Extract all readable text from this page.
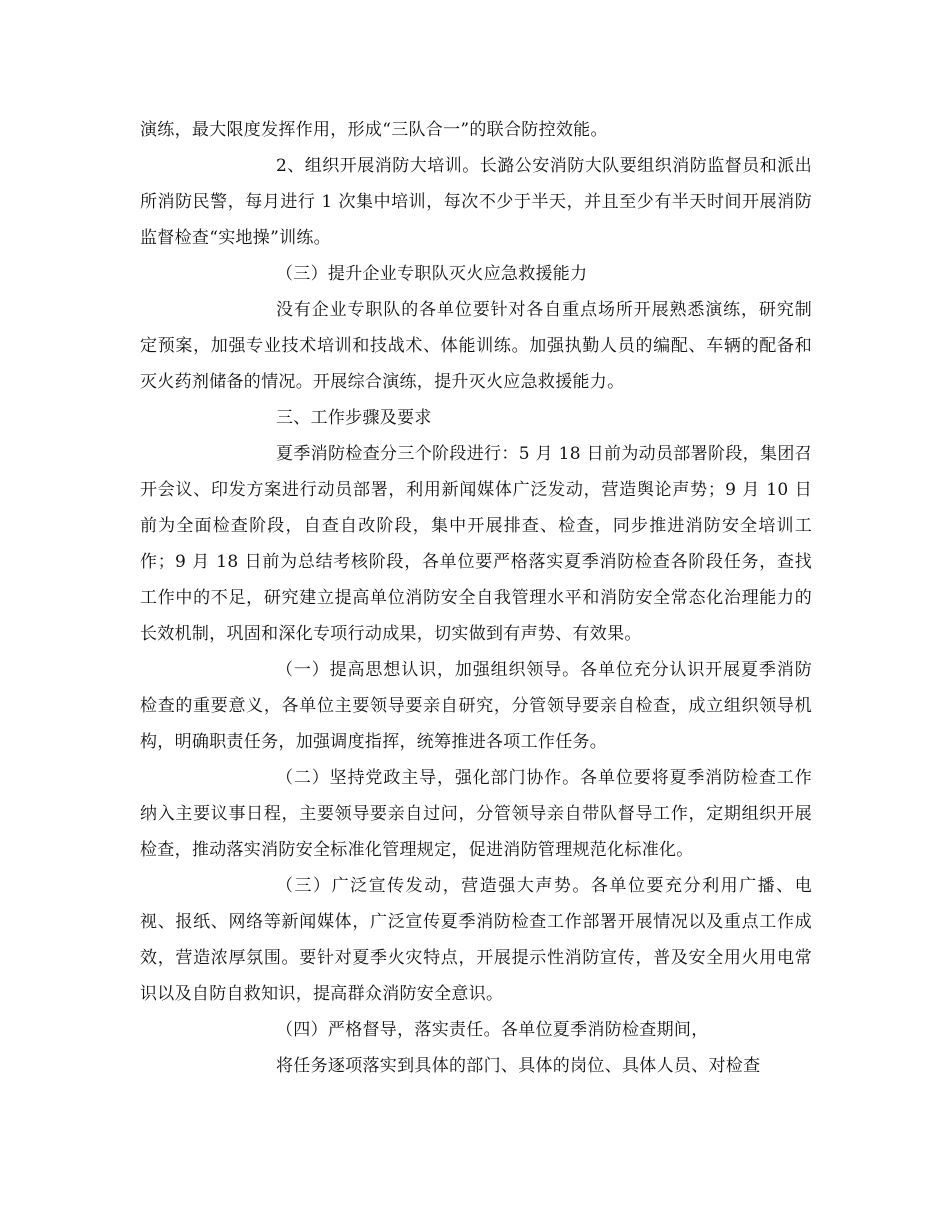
演练，最大限度发挥作用，形成“三队合一”的联合防控效能。

2、组织开展消防大培训。长潞公安消防大队要组织消防监督员和派出所消防民警，每月进行 1 次集中培训，每次不少于半天，并且至少有半天时间开展消防监督检查“实地操”训练。

（三）提升企业专职队灭火应急救援能力

没有企业专职队的各单位要针对各自重点场所开展熟悉演练，研究制定预案，加强专业技术培训和技战术、体能训练。加强执勤人员的编配、车辆的配备和灭火药剂储备的情况。开展综合演练，提升灭火应急救援能力。

三、工作步骤及要求

夏季消防检查分三个阶段进行：5 月 18 日前为动员部署阶段，集团召开会议、印发方案进行动员部署，利用新闻媒体广泛发动，营造舆论声势；9 月 10 日前为全面检查阶段，自查自改阶段，集中开展排查、检查，同步推进消防安全培训工作；9 月 18 日前为总结考核阶段，各单位要严格落实夏季消防检查各阶段任务，查找工作中的不足，研究建立提高单位消防安全自我管理水平和消防安全常态化治理能力的长效机制，巩固和深化专项行动成果，切实做到有声势、有效果。

（一）提高思想认识，加强组织领导。各单位充分认识开展夏季消防检查的重要意义，各单位主要领导要亲自研究，分管领导要亲自检查，成立组织领导机构，明确职责任务，加强调度指挥，统筹推进各项工作任务。

（二）坚持党政主导，强化部门协作。各单位要将夏季消防检查工作纳入主要议事日程，主要领导要亲自过问，分管领导亲自带队督导工作，定期组织开展检查，推动落实消防安全标准化管理规定，促进消防管理规范化标准化。

（三）广泛宣传发动，营造强大声势。各单位要充分利用广播、电视、报纸、网络等新闻媒体，广泛宣传夏季消防检查工作部署开展情况以及重点工作成效，营造浓厚氛围。要针对夏季火灾特点，开展提示性消防宣传，普及安全用火用电常识以及自防自救知识，提高群众消防安全意识。

（四）严格督导，落实责任。各单位夏季消防检查期间，

将任务逐项落实到具体的部门、具体的岗位、具体人员、对检查
